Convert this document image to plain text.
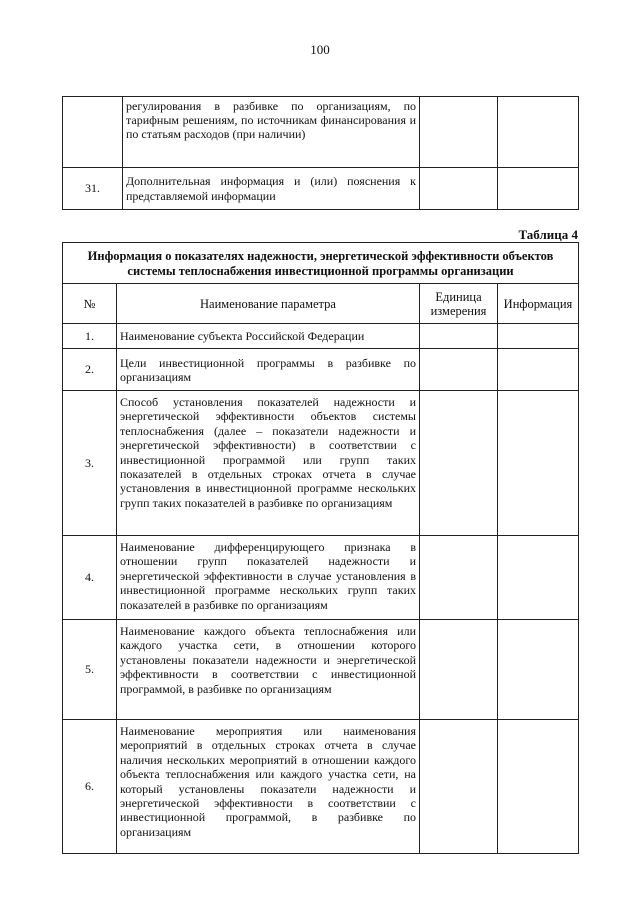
100
	регулирования в разбивке по организациям, по тарифным решениям, по источникам финансирования и по статьям расходов (при наличии)		
31.	Дополнительная информация и (или) пояснения к представляемой информации		
Таблица 4
Информация о показателях надежности, энергетической эффективности объектов системы теплоснабжения инвестиционной программы организации			
№	Наименование параметра	Единица измерения	Информация
1.	Наименование субъекта Российской Федерации		
2.	Цели инвестиционной программы в разбивке по организациям		
3.	Способ установления показателей надежности и энергетической эффективности объектов системы теплоснабжения (далее – показатели надежности и энергетической эффективности) в соответствии с инвестиционной программой или групп таких показателей в отдельных строках отчета в случае установления в инвестиционной программе нескольких групп таких показателей в разбивке по организациям		
4.	Наименование дифференцирующего признака в отношении групп показателей надежности и энергетической эффективности в случае установления в инвестиционной программе нескольких групп таких показателей в разбивке по организациям		
5.	Наименование каждого объекта теплоснабжения или каждого участка сети, в отношении которого установлены показатели надежности и энергетической эффективности в соответствии с инвестиционной программой, в разбивке по организациям		
6.	Наименование мероприятия или наименования мероприятий в отдельных строках отчета в случае наличия нескольких мероприятий в отношении каждого объекта теплоснабжения или каждого участка сети, на который установлены показатели надежности и энергетической эффективности в соответствии с инвестиционной программой, в разбивке по организациям		
